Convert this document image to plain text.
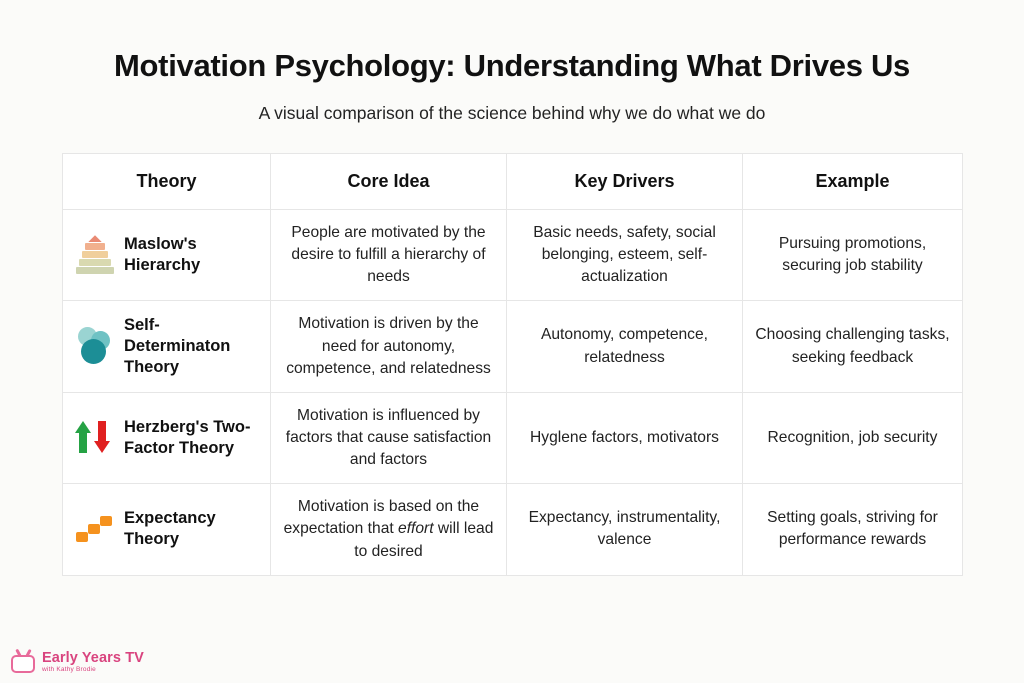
Motivation Psychology: Understanding What Drives Us

A visual comparison of the science behind why we do what we do

Theory	Core Idea	Key Drivers	Example

Maslow's Hierarchy	People are motivated by the desire to fulfill a hierarchy of needs	Basic needs, safety, social belonging, esteem, self-actualization	Pursuing promotions, securing job stability

Self-Determinaton Theory	Motivation is driven by the need for autonomy, competence, and relatedness	Autonomy, competence, relatedness	Choosing challenging tasks, seeking feedback

Herzberg's Two-Factor Theory	Motivation is influenced by factors that cause satisfaction and factors	Hyglene factors, motivators	Recognition, job security

Expectancy Theory	Motivation is based on the expectation that effort will lead to desired	Expectancy, instrumentality, valence	Setting goals, striving for performance rewards
Early Years TV
with Kathy Brodie
